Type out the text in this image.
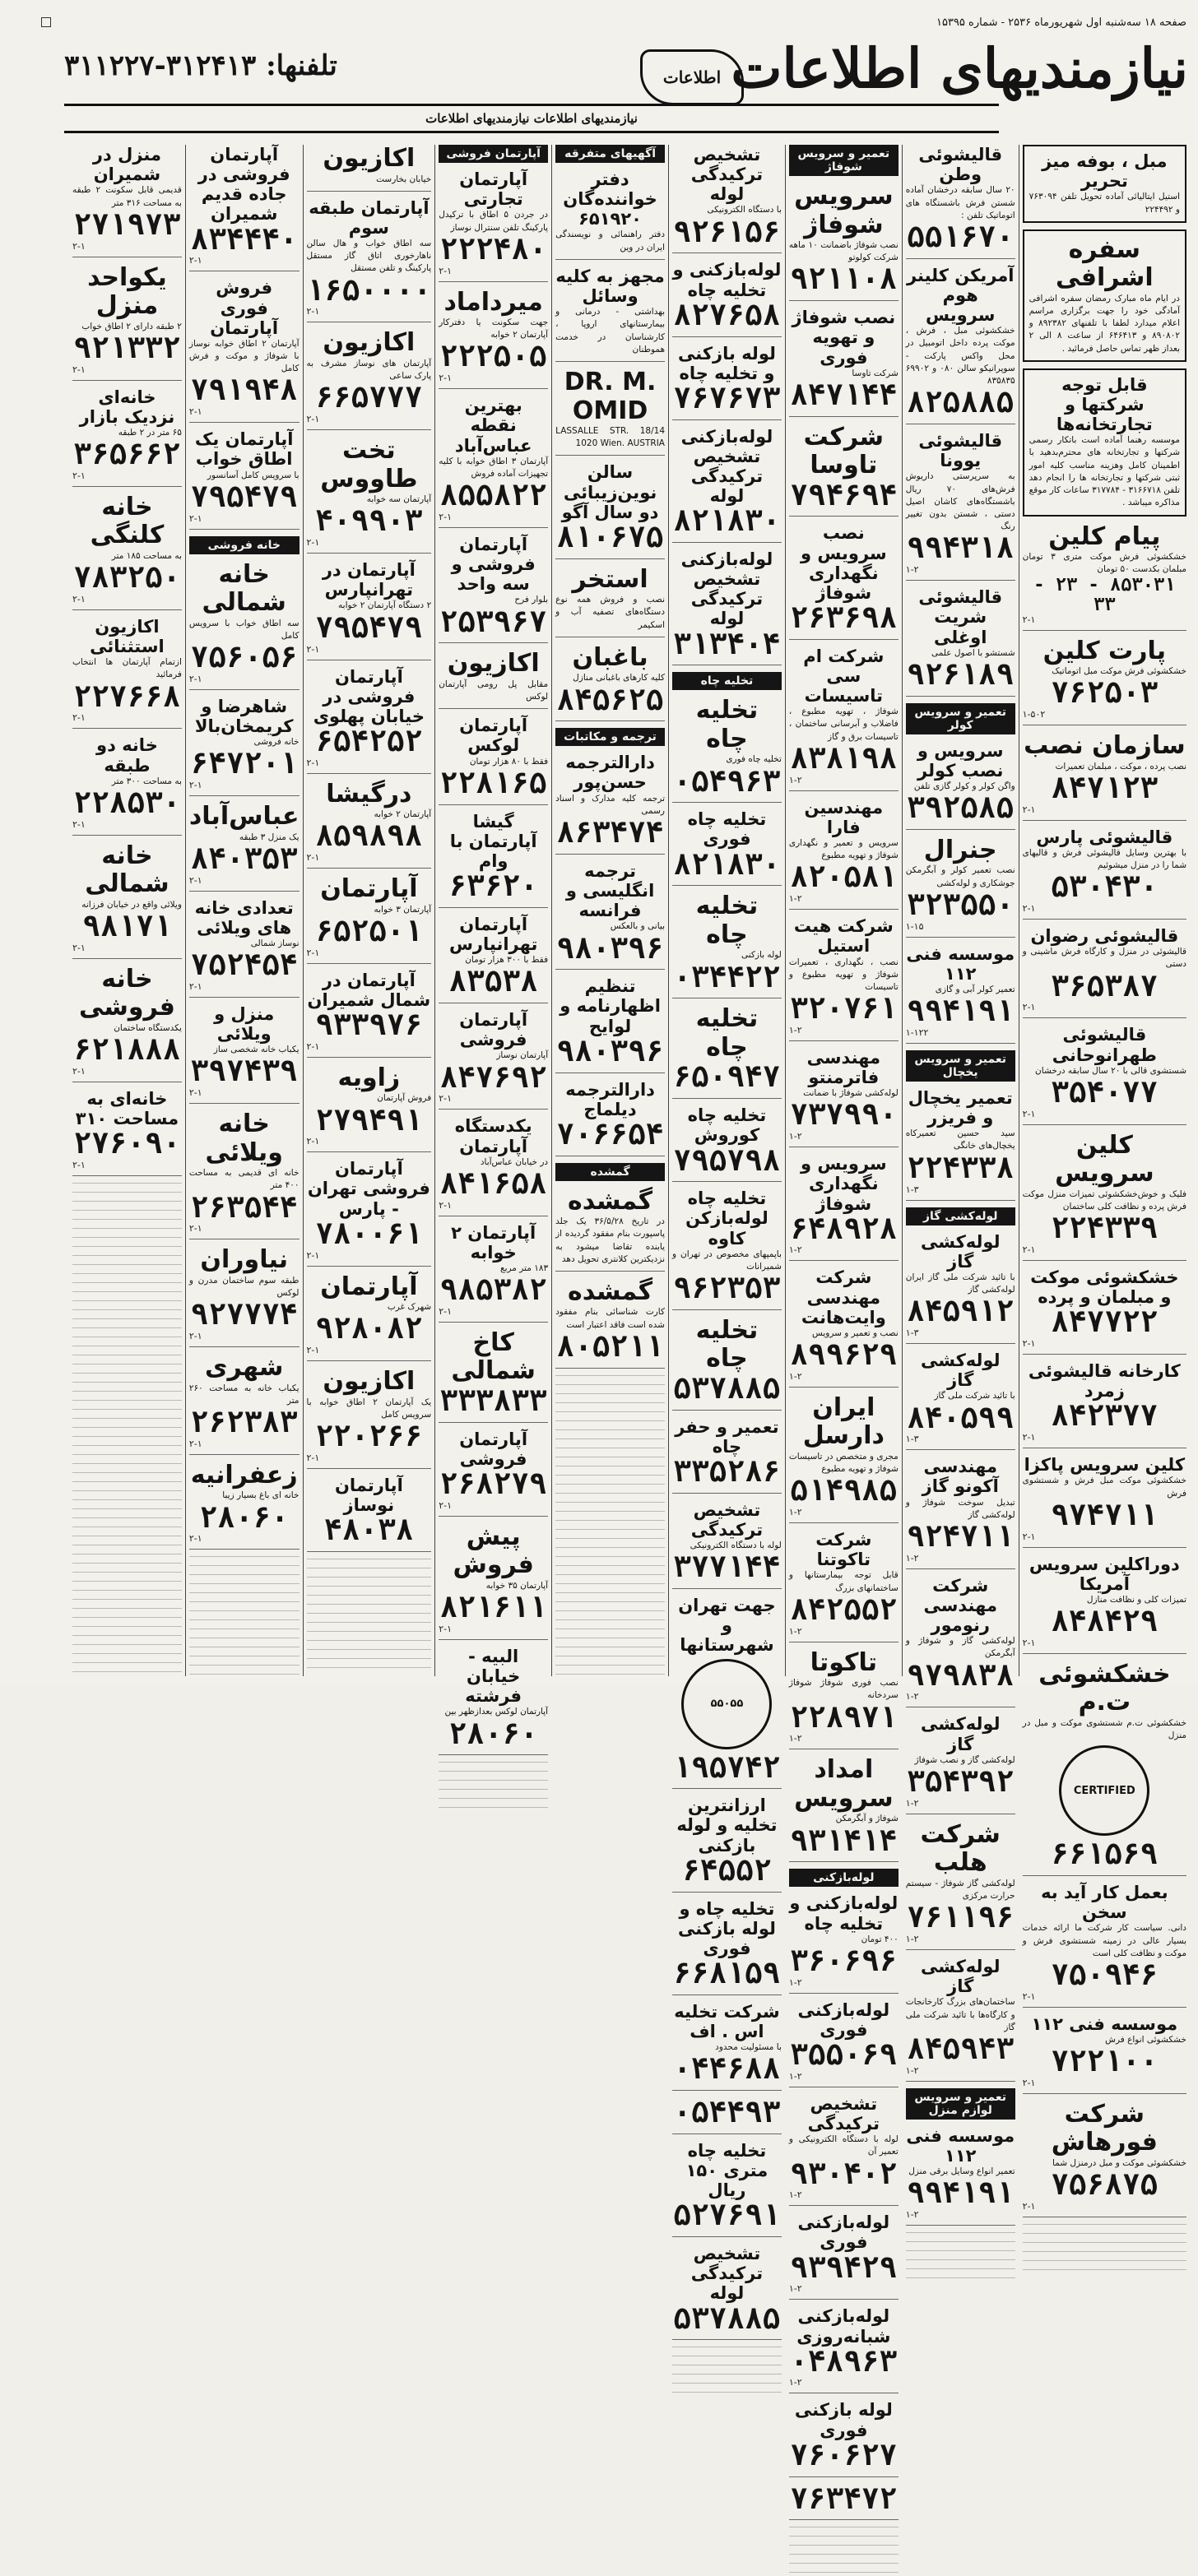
صفحه ۱۸ سه‌شنبه اول شهریورماه ۲۵۳۶ - شماره ۱۵۳۹۵
نیازمندیهای اطلاعات
اطلاعات
تلفنها: ۳۱۲۴۱۳-۳۱۱۲۲۷
نیازمندیهای اطلاعات نیازمندیهای اطلاعات
مبل ، بوفه میز تحریر
استیل ایتالیائی آماده تحویل تلفن ۷۶۳۰۹۴ و ۲۲۴۴۹۲
سفره اشرافی
در ایام ماه مبارک رمضان سفره اشرافی آمادگی خود را جهت برگزاری مراسم اعلام میدارد لطفا با تلفنهای ۸۹۲۳۸۲ و ۸۹۰۸۰۲ و ۶۴۶۴۱۳ از ساعت ۸ الی ۲ بعداز ظهر تماس حاصل فرمائید .
قابل توجه شرکتها و تجارتخانه‌ها
موسسه رهنما آماده است باتکار رسمی شرکتها و تجارتخانه های محترم‌بدهید با اطمینان کامل وهزینه مناسب کلیه امور ثبتی شرکتها و تجارتخانه ها را انجام دهد تلفن ۳۱۶۶۷۱۸ - ۳۱۷۷۸۴ ساعات کار موقع مذاکره میباشد .
پیام کلین
خشکشوئی فرش موکت متری ۳ تومان مبلمان بکدست ۵۰ تومان
۸۵۳۰۳۱ - ۲۳ - ۳۳
۲-۱
پارت کلین
خشکشوئی فرش موکت مبل اتوماتیک
۷۶۲۵۰۳
۱-۵۰۲
سازمان نصب
نصب پرده ، موکت ، مبلمان تعمیرات
۸۴۷۱۲۳
۲-۱
قالیشوئی پارس
با بهترین وسایل قالیشوئی فرش و قالیهای شما را در منزل میشوئیم
۵۳۰۴۳۰
۲-۱
قالیشوئی رضوان
قالیشوئی در منزل و کارگاه فرش ماشینی و دستی
۳۶۵۳۸۷
۲-۱
قالیشوئی طهرانوحانی
شستشوی قالی با ۲۰ سال سابقه درخشان
۳۵۴۰۷۷
۲-۱
کلین سرویس
فلیک و خوش‌خشکشوئی تمیزات منزل موکت فرش پرده و نظافت کلی ساختمان
۲۲۴۳۳۹
۲-۱
خشکشوئی موکت و مبلمان و پرده
۸۴۷۷۲۲
۲-۱
کارخانه قالیشوئی زمرد
۸۴۲۳۷۷
۲-۱
کلین سرویس پاکزا
خشکشوئی موکت مبل فرش و شستشوی فرش
۹۷۴۷۱۱
۲-۱
دوراکلین سرویس آمریکا
تمیزات کلی و نظافت منازل
۸۴۸۴۲۹
۲-۱
خشکشوئی ت.م
خشکشوئی ت.م شستشوی موکت و مبل در منزل
CERTIFIED
۶۶۱۵۶۹
بعمل کار آید به سخن
دانی. سیاست کار شرکت ما‌‌‌ ارائه خدمات بسیار عالی در زمینه شستشوی فرش و موکت و نظافت کلی است
۷۵۰۹۴۶
۲-۱
موسسه فنی ۱۱۲
خشکشوئی انواع فرش
۷۲۲۱۰۰
۲-۱
شرکت فورهاش
خشکشوئی موکت و مبل درمنزل شما
۷۵۶۸۷۵
۲-۱
قالیشوئی وطن
۲۰ سال سابقه درخشان آماده شستن فرش باشستگاه های اتوماتیک تلفن :
۵۵۱۶۷۰
آمریکن کلینر هوم سرویس
خشکشوئی مبل ، فرش ، موکت پرده داخل اتومبیل در محل واکس پارکت - سوپرانیکو سالن ۰۸۰ و ۶۹۹۰۲ ۸۳۵۸۳۵
۸۲۵۸۸۵
قالیشوئی یوونا
به سرپرستی داریوش فرش‌های ۷۰ ریال باشستگاه‌های کاشان اصیل دستی ، شستن بدون تغییر رنگ
۹۹۴۳۱۸
۱-۲
قالیشوئی شریت اوغلی
شستشو با اصول علمی
۹۲۶۱۸۹
تعمیر و سرویس کولر
سرویس و نصب کولر
واگن کولر و کولر گازی تلفن
۳۹۲۵۸۵
جنرال
نصب تعمیر کولر و آبگرمکن جوشکاری و لوله‌کشی
۳۲۳۵۵۰
۱-۱۵
موسسه فنی ۱۱۲
تعمیر کولر آبی و گازی
۹۹۴۱۹۱
۱-۱۲۲
تعمیر و سرویس یخچال
تعمیر یخچال و فریزر
سید حسین تعمیرکاه یخچال‌های خانگی
۲۲۴۳۳۸
۱-۳
لوله‌کشی گاز
لوله‌کشی گاز
با تائید شرکت ملی گاز ایران لوله‌کشی گاز
۸۴۵۹۱۲
۱-۳
لوله‌کشی گاز
با تائید شرکت ملی گاز
۸۴۰۵۹۹
۱-۳
مهندسی آکونو گاز
تبدیل سوخت شوفاژ و لوله‌کشی گاز
۹۲۴۷۱۱
۱-۲
شرکت مهندسی رنومور
لوله‌کشی گاز و شوفاژ و آبگرمکن
۹۷۹۸۳۸
۱-۲
لوله‌کشی گاز
لوله‌کشی گاز و نصب شوفاژ
۳۵۴۳۹۲
۱-۲
شرکت هلب
لوله‌کشی گاز شوفاژ - سیستم حرارت مرکزی
۷۶۱۱۹۶
۱-۲
لوله‌کشی گاز
ساختمان‌های بزرگ کارخانجات و کارگاه‌ها با تائید شرکت ملی گاز
۸۴۵۹۴۳
۱-۲
تعمیر و سرویس لوازم منزل
موسسه فنی ۱۱۲
تعمیر انواع وسایل برقی منزل
۹۹۴۱۹۱
۱-۲
تعمیر و سرویس شوفاژ
سرویس شوفاژ
نصب شوفاژ باضمانت ۱۰ ماهه شرکت کولوتو
۹۲۱۱۰۸
نصب شوفاژ و تهویه فوری
شرکت تاوسا
۸۴۷۱۴۴
شرکت تاوسا
۷۹۴۶۹۴
نصب سرویس و نگهداری شوفاژ
۲۶۳۶۹۸
شرکت ام سی تاسیسات
شوفاژ ، تهویه مطبوع ، فاضلاب و آبرسانی ساختمان ، تاسیسات برق و گاز
۸۳۸۱۹۸
۱-۲
مهندسین فارا
سرویس و تعمیر و نگهداری شوفاژ و تهویه مطبوع
۸۲۰۵۸۱
۱-۲
شرکت هیت استیل
نصب ، نگهداری ، تعمیرات شوفاژ و تهویه مطبوع و تاسیسات
۳۲۰۷۶۱
۱-۲
مهندسی فاترمنتو
لوله‌کشی شوفاژ با ضمانت
۷۳۷۹۹۰
۱-۲
سرویس و نگهداری شوفاژ
۶۴۸۹۲۸
۱-۲
شرکت مهندسی وایت‌هانت
نصب و تعمیر و سرویس
۸۹۹۶۲۹
۱-۲
ایران دارسل
مجری و متخصص در تاسیسات شوفاژ و تهویه مطبوع
۵۱۴۹۸۵
۱-۲
شرکت تاکوتنا
قابل توجه بیمارستانها و ساختمانهای بزرگ
۸۴۲۵۵۲
۱-۲
تاکوتا
نصب فوری شوفاژ شوفاژ سردخانه
۲۲۸۹۷۱
۱-۲
امداد سرویس
شوفاژ و آبگرمکن
۹۳۱۴۱۴
لوله‌بازکنی
لوله‌بازکنی و تخلیه چاه
۴۰۰ تومان
۳۶۰۶۹۶
۱-۲
لوله‌بازکنی فوری
۳۵۵۰۶۹
۱-۲
تشخیص ترکیدگی
لوله با دستگاه الکترونیکی و تعمیر آن
۹۳۰۴۰۲
۱-۲
لوله‌بازکنی فوری
۹۳۹۴۲۹
۱-۲
لوله‌بازکنی شبانه‌روزی
۰۴۸۹۶۳
۱-۲
لوله بازکنی فوری
۷۶۰۶۲۷
۷۶۳۴۷۲
تشخیص ترکیدگی لوله
با دستگاه الکترونیکی
۹۲۶۱۵۶
لوله‌بازکنی و تخلیه چاه
۸۲۷۶۵۸
لوله بازکنی و تخلیه چاه
۷۶۷۶۷۳
لوله‌بازکنی تشخیص ترکیدگی لوله
۸۲۱۸۳۰
لوله‌بازکنی تشخیص ترکیدگی لوله
۳۱۳۴۰۴
تخلیه چاه
تخلیه چاه
تخلیه چاه فوری
۰۵۴۹۶۳
تخلیه چاه فوری
۸۲۱۸۳۰
تخلیه چاه
لوله بازکنی
۰۳۴۴۲۲
تخلیه چاه
۶۵۰۹۴۷
تخلیه چاه کوروش
۷۹۵۷۹۸
تخلیه چاه لوله‌بازکن کاوه
باپمپهای مخصوص در تهران و شمیرانات
۹۶۲۳۵۳
تخلیه چاه
۵۳۷۸۸۵
تعمیر و حفر چاه
۳۳۵۲۸۶
تشخیص ترکیدگی
لوله با دستگاه الکترونیکی
۳۷۷۱۴۴
جهت تهران و شهرستانها
۵۵۰۵۵
۱۹۵۷۴۲
ارزانترین تخلیه و لوله بازکنی
۶۴۵۵۲
تخلیه چاه و لوله بازکنی فوری
۶۶۸۱۵۹
شرکت تخلیه اس . اف
با مسئولیت محدود
۰۴۴۶۸۸
۰۵۴۴۹۳
تخلیه چاه متری ۱۵۰ ریال
۵۲۷۶۹۱
تشخیص ترکیدگی لوله
۵۳۷۸۸۵
آگهیهای متفرقه
دفتر خواننده‌گان ۶۵۱۹۲۰
دفتر راهنمائی و نویسندگی ایران در وین
مجهز به کلیه وسائل
بهداشتی - درمانی و بیمارستانهای اروپا ، کارشناسان در خدمت هموطنان
DR. M. OMID
LASSALLE STR. 18/14 1020 Wien. AUSTRIA
سالن نوین‌زیبائی دو سال آگو
۸۱۰۶۷۵
استخر
نصب و فروش همه نوع دستگاه‌های تصفیه آب و اسکیمر
باغبان
کلیه کارهای باغبانی منازل
۸۴۵۶۲۵
ترجمه و مکاتبات
دارالترجمه حسن‌پور
ترجمه کلیه مدارک و اسناد رسمی
۸۶۳۴۷۴
ترجمه انگلیسی و فرانسه
بیانی و بالعکس
۹۸۰۳۹۶
تنظیم اظهارنامه و لوایح
۹۸۰۳۹۶
دارالترجمه دیلماج
۷۰۶۶۵۴
گمشده
گمشده
در تاریخ ۳۶/۵/۲۸ یک جلد پاسپورت بنام مفقود گردیده از یابنده تقاضا میشود به نزدیکترین کلانتری تحویل دهد
گمشده
کارت شناسائی بنام مفقود شده است فاقد اعتبار است
۸۰۵۲۱۱
آپارتمان فروشی
آپارتمان تجارتی
در جردن ۵ اطاق با ترکیدل پارکینگ تلفن سنترال نوساز
۲۲۲۴۸۰
۲-۱
میرداماد
جهت سکونت یا دفترکار آپارتمان ۲ خوابه
۲۲۲۵۰۵
۲-۱
بهترین نقطه عباس‌آباد
آپارتمان ۳ اطاق خوابه با کلیه تجهیزات آماده فروش
۸۵۵۸۲۲
۲-۱
آپارتمان فروشی و سه واحد
بلوار فرح
۲۵۳۹۶۷
اکازیون
مقابل پل رومی آپارتمان لوکس
آپارتمان لوکس
فقط با ۸۰ هزار تومان
۲۲۸۱۶۵
گیشا آپارتمان با وام
۶۳۶۲۰
آپارتمان تهرانپارس
فقط با ۳۰۰ هزار تومان
۸۳۵۳۸
آپارتمان فروشی
آپارتمان نوساز
۸۴۷۶۹۲
۲-۱
یکدستگاه آپارتمان
در خیابان عباس‌آباد
۸۴۱۶۵۸
۲-۱
آپارتمان ۲ خوابه
۱۸۳ متر مربع
۹۸۵۳۸۲
۲-۱
کاخ شمالی
۳۳۳۸۳۳
آپارتمان فروشی
۲۶۸۲۷۹
۲-۱
پیش فروش
آپارتمان ۳۵ خوابه
۸۲۱۶۱۱
۲-۱
البیه - خیابان فرشته
آپارتمان لوکس بعدازظهر بین
۲۸۰۶۰
اکازیون
خیابان بخارست
آپارتمان طبقه سوم
سه اطاق خواب و هال سالن ناهارخوری اتاق گاز مستقل پارکینگ و تلفن مستقل
۱۶۵۰۰۰۰
۲-۱
اکازیون
آپارتمان های نوساز مشرف به پارک ساعی
۶۶۵۷۷۷
۲-۱
تخت طاووس
آپارتمان سه خوابه
۴۰۹۹۰۳
۲-۱
آپارتمان در تهرانپارس
۲ دستگاه آپارتمان ۲ خوابه
۷۹۵۴۷۹
۲-۱
آپارتمان فروشی در خیابان پهلوی
۶۵۴۲۵۲
۲-۱
درگیشا
آپارتمان ۲ خوابه
۸۵۹۸۹۸
۲-۱
آپارتمان
آپارتمان ۳ خوابه
۶۵۲۵۰۱
۲-۱
آپارتمان در شمال شمیران
۹۳۳۹۷۶
۲-۱
زاویه
فروش آپارتمان
۲۷۹۴۹۱
۲-۱
آپارتمان فروشی تهران - پارس
۷۸۰۰۶۱
۲-۱
آپارتمان
شهرک غرب
۹۲۸۰۸۲
۲-۱
اکازیون
یک آپارتمان ۲ اطاق خوابه با سرویس کامل
۲۲۰۲۶۶
۲-۱
آپارتمان نوساز
۴۸۰۳۸
آپارتمان فروشی در جاده قدیم شمیران
۸۳۴۴۴۰
۲-۱
فروش فوری آپارتمان
آپارتمان ۲ اطاق خوابه نوساز با شوفاژ و موکت و فرش کامل
۷۹۱۹۴۸
۲-۱
آپارتمان یک اطاق خواب
با سرویس کامل آسانسور
۷۹۵۴۷۹
۲-۱
خانه فروشی
خانه شمالی
سه اطاق خواب با سرویس کامل
۷۵۶۰۵۶
۲-۱
شاهرضا و کریمخان‌بالا
خانه فروشی
۶۴۷۲۰۱
۲-۱
عباس‌آباد
یک منزل ۳ طبقه
۸۴۰۳۵۳
۲-۱
تعدادی خانه های ویلائی
نوساز شمالی
۷۵۲۴۵۴
۲-۱
منزل و ویلائی
یکباب خانه شخصی ساز
۳۹۷۴۳۹
۲-۱
خانه ویلائی
خانه ای قدیمی به مساحت ۴۰۰ متر
۲۶۳۵۴۴
۲-۱
نیاوران
طبقه سوم ساختمان مدرن و لوکس
۹۲۷۷۷۴
۲-۱
شهری
یکباب خانه به مساحت ۲۶۰ متر
۲۶۲۳۸۳
۲-۱
زعفرانیه
خانه ای باغ بسیار زیبا
۲۸۰۶۰
۲-۱
منزل در شمیران
قدیمی قابل سکونت ۲ طبقه به مساحت ۳۱۶ متر
۲۷۱۹۷۳
۲-۱
یکواحد منزل
۲ طبقه دارای ۲ اطاق خواب
۹۲۱۳۳۲
۲-۱
خانه‌ای نزدیک بازار
۶۵ متر در ۲ طبقه
۳۶۵۶۶۲
۲-۱
خانه کلنگی
به مساحت ۱۸۵ متر
۷۸۳۲۵۰
۲-۱
اکازیون استثنائی
ازتمام آپارتمان ها انتخاب فرمائید
۲۲۷۶۶۸
۲-۱
خانه دو طبقه
به مساحت ۳۰۰ متر
۲۲۸۵۳۰
۲-۱
خانه شمالی
ویلائی واقع در خیابان فرزانه
۹۸۱۷۱
۲-۱
خانه فروشی
یکدستگاه ساختمان
۶۲۱۸۸۸
۲-۱
خانه‌ای به مساحت ۳۱۰
۲۷۶۰۹۰
۲-۱
